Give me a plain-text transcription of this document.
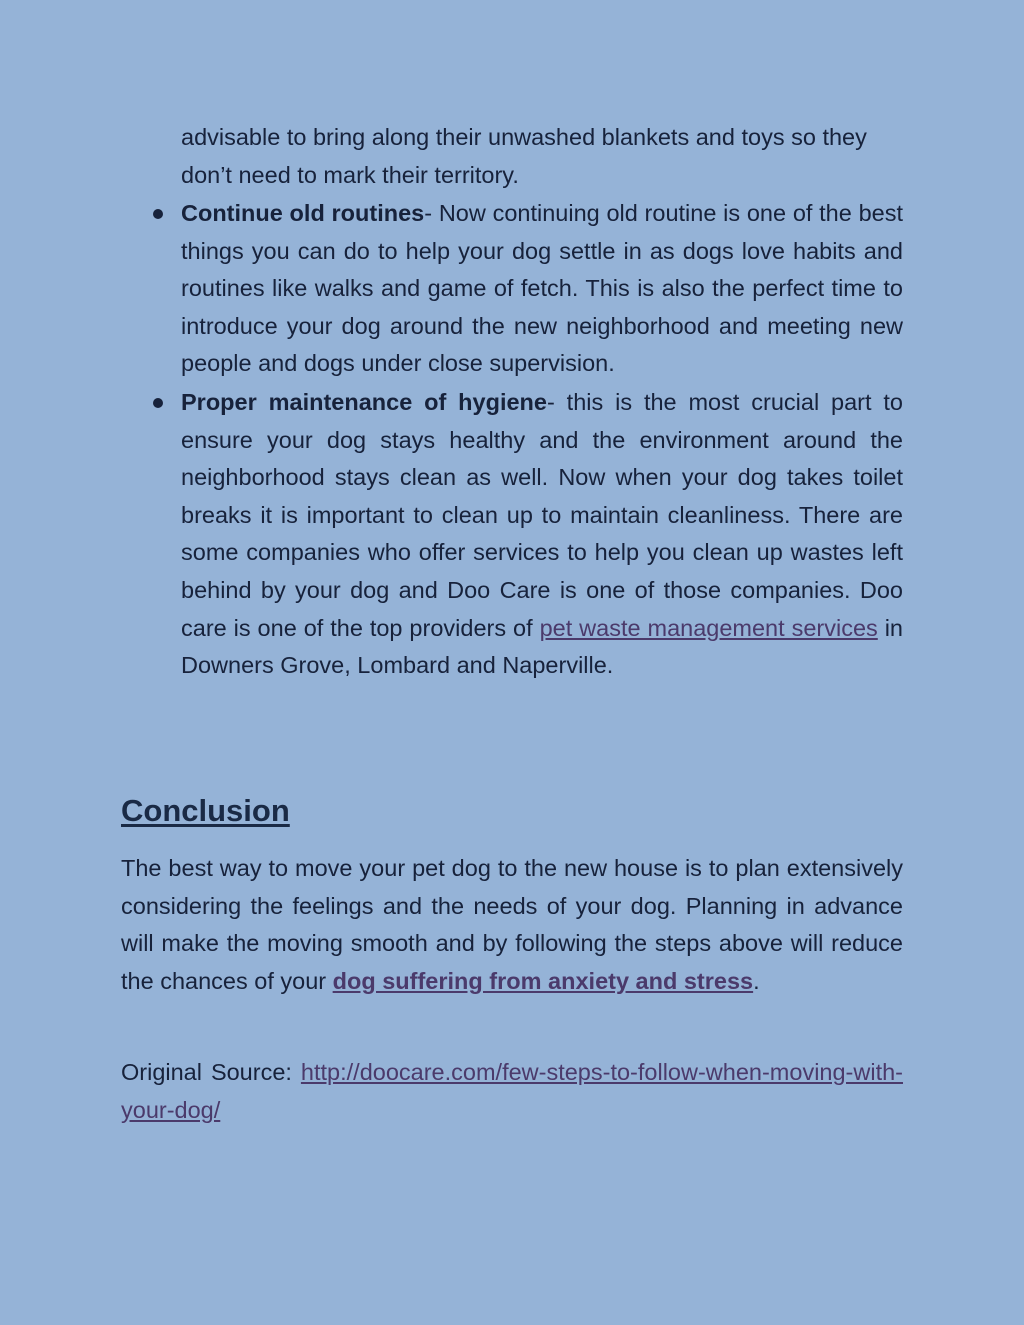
advisable to bring along their unwashed blankets and toys so they don’t need to mark their territory.

Continue old routines- Now continuing old routine is one of the best things you can do to help your dog settle in as dogs love habits and routines like walks and game of fetch. This is also the perfect time to introduce your dog around the new neighborhood and meeting new people and dogs under close supervision.
Proper maintenance of hygiene- this is the most crucial part to ensure your dog stays healthy and the environment around the neighborhood stays clean as well. Now when your dog takes toilet breaks it is important to clean up to maintain cleanliness. There are some companies who offer services to help you clean up wastes left behind by your dog and Doo Care is one of those companies. Doo care is one of the top providers of pet waste management services in Downers Grove, Lombard and Naperville.
Conclusion

The best way to move your pet dog to the new house is to plan extensively considering the feelings and the needs of your dog. Planning in advance will make the moving smooth and by following the steps above will reduce the chances of your dog suffering from anxiety and stress.

Original Source: http://doocare.com/few-steps-to-follow-when-moving-with-your-dog/
